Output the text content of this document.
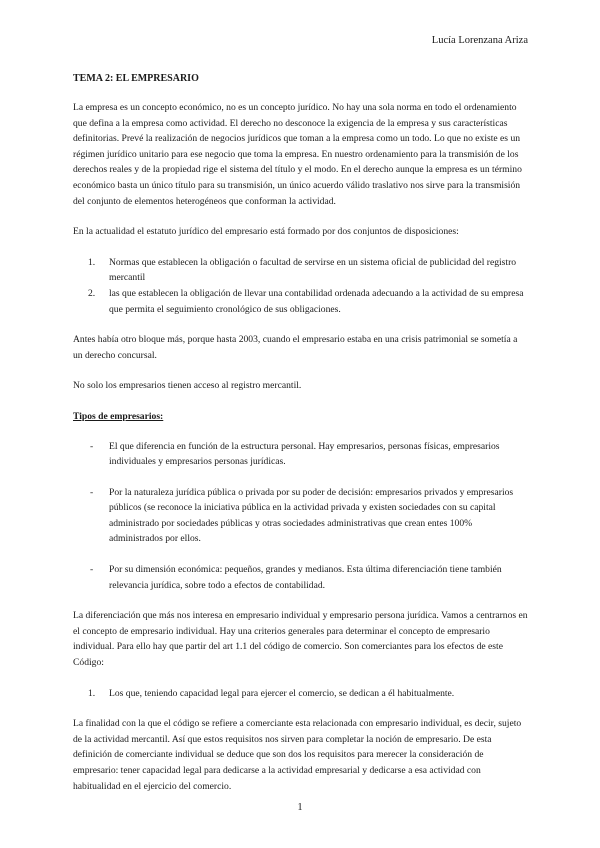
Lucía Lorenzana Ariza
TEMA 2: EL EMPRESARIO

La empresa es un concepto económico, no es un concepto jurídico. No hay una sola norma en todo el ordenamiento que defina a la empresa como actividad. El derecho no desconoce la exigencia de la empresa y sus características definitorias. Prevé la realización de negocios jurídicos que toman a la empresa como un todo. Lo que no existe es un régimen jurídico unitario para ese negocio que toma la empresa. En nuestro ordenamiento para la transmisión de los derechos reales y de la propiedad rige el sistema del título y el modo. En el derecho aunque la empresa es un término económico basta un único título para su transmisión, un único acuerdo válido traslativo nos sirve para la transmisión del conjunto de elementos heterogéneos que conforman la actividad.

En la actualidad el estatuto jurídico del empresario está formado por dos conjuntos de disposiciones:

1. Normas que establecen la obligación o facultad de servirse en un sistema oficial de publicidad del registro mercantil
2. las que establecen la obligación de llevar una contabilidad ordenada adecuando a la actividad de su empresa que permita el seguimiento cronológico de sus obligaciones.

Antes había otro bloque más, porque hasta 2003, cuando el empresario estaba en una crisis patrimonial se sometía a un derecho concursal.

No solo los empresarios tienen acceso al registro mercantil.

Tipos de empresarios:
- El que diferencia en función de la estructura personal. Hay empresarios, personas físicas, empresarios individuales y empresarios personas jurídicas.
- Por la naturaleza jurídica pública o privada por su poder de decisión: empresarios privados y empresarios públicos (se reconoce la iniciativa pública en la actividad privada y existen sociedades con su capital administrado por sociedades públicas y otras sociedades administrativas que crean entes 100% administrados por ellos.
- Por su dimensión económica: pequeños, grandes y medianos. Esta última diferenciación tiene también relevancia jurídica, sobre todo a efectos de contabilidad.

La diferenciación que más nos interesa en empresario individual y empresario persona jurídica. Vamos a centrarnos en el concepto de empresario individual. Hay una criterios generales para determinar el concepto de empresario individual. Para ello hay que partir del art 1.1 del código de comercio. Son comerciantes para los efectos de este Código:

1. Los que, teniendo capacidad legal para ejercer el comercio, se dedican a él habitualmente.

La finalidad con la que el código se refiere a comerciante esta relacionada con empresario individual, es decir, sujeto de la actividad mercantil. Así que estos requisitos nos sirven para completar la noción de empresario. De esta definición de comerciante individual se deduce que son dos los requisitos para merecer la consideración de empresario: tener capacidad legal para dedicarse a la actividad empresarial y dedicarse a esa actividad con habitualidad en el ejercicio del comercio.

1
